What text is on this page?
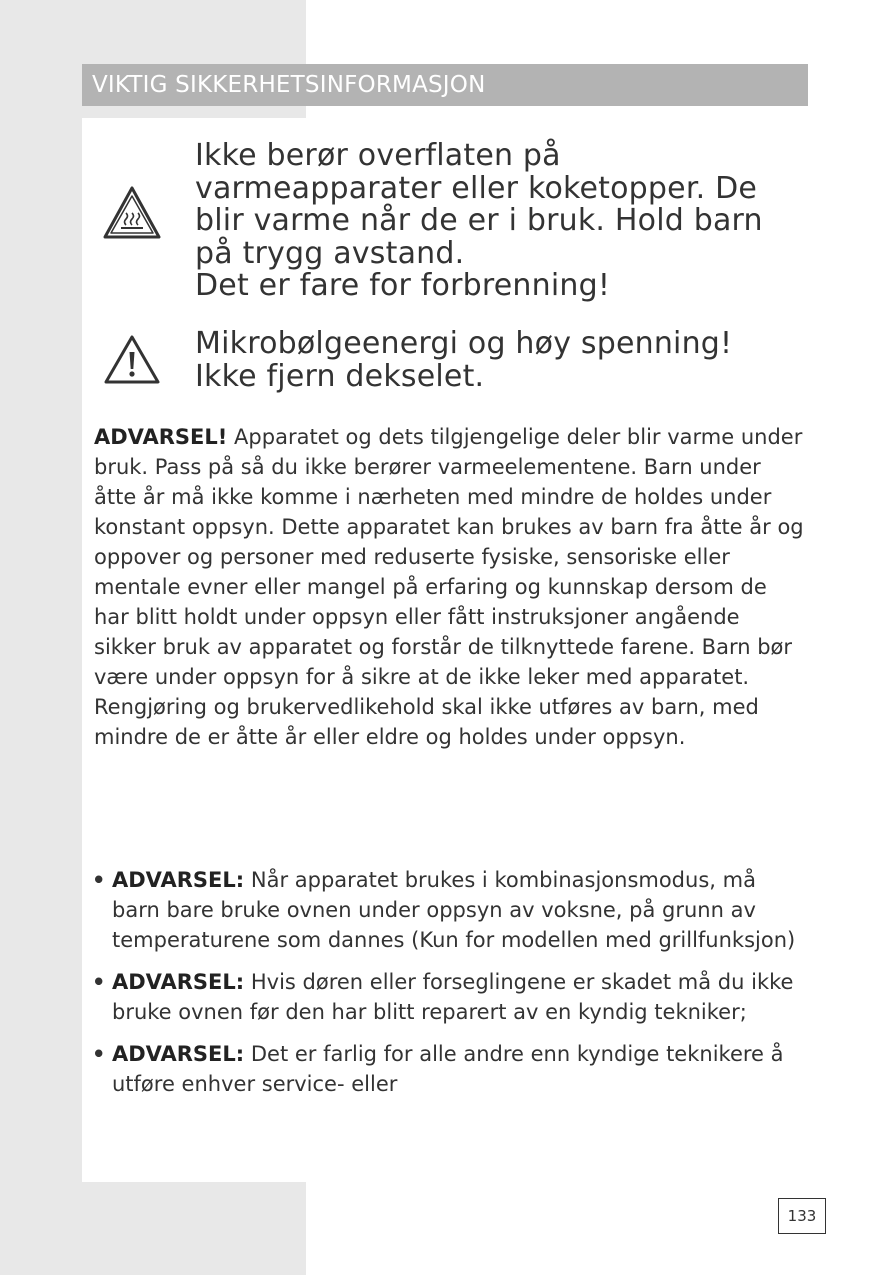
VIKTIG SIKKERHETSINFORMASJON
Ikke berør overflaten på
varmeapparater eller koketopper. De
blir varme når de er i bruk. Hold barn
på trygg avstand.
Det er fare for forbrenning!
Mikrobølgeenergi og høy spenning!
Ikke fjern dekselet.

ADVARSEL! Apparatet og dets tilgjengelige deler blir varme under bruk. Pass på så du ikke berører varmeelementene. Barn under åtte år må ikke komme i nærheten med mindre de holdes under konstant oppsyn. Dette apparatet kan brukes av barn fra åtte år og oppover og personer med reduserte fysiske, sensoriske eller mentale evner eller mangel på erfaring og kunnskap dersom de har blitt holdt under oppsyn eller fått instruksjoner angående sikker bruk av apparatet og forstår de tilknyttede farene. Barn bør være under oppsyn for å sikre at de ikke leker med apparatet. Rengjøring og brukervedlikehold skal ikke utføres av barn, med mindre de er åtte år eller eldre og holdes under oppsyn.

• ADVARSEL: Når apparatet brukes i kombinasjonsmodus, må barn bare bruke ovnen under oppsyn av voksne, på grunn av temperaturene som dannes (Kun for modellen med grillfunksjon)
• ADVARSEL: Hvis døren eller forseglingene er skadet må du ikke bruke ovnen før den har blitt reparert av en kyndig tekniker;
• ADVARSEL: Det er farlig for alle andre enn kyndige teknikere å utføre enhver service- eller
133
